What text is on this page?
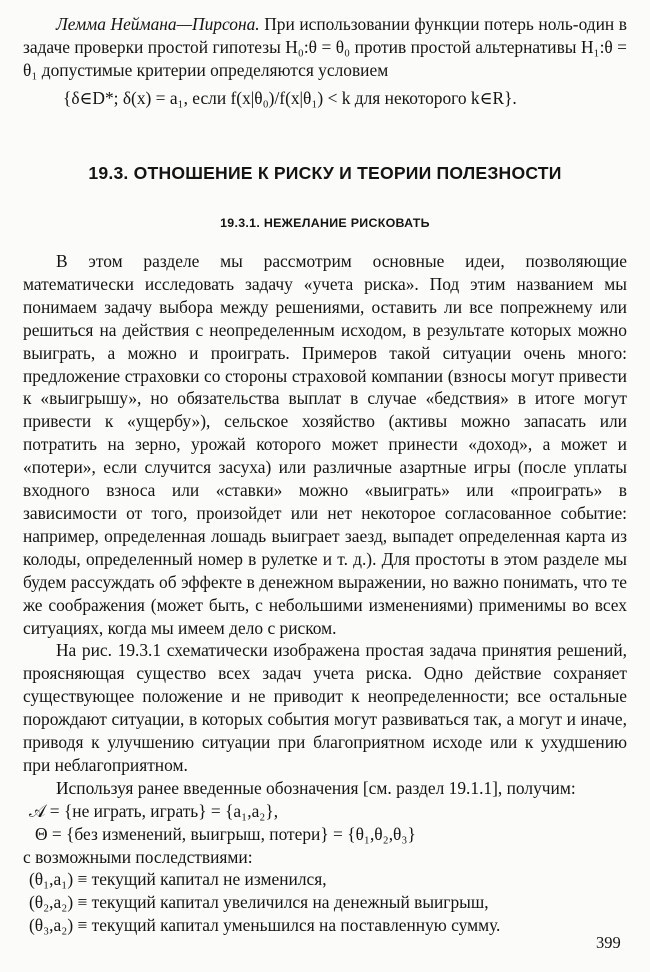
Лемма Неймана—Пирсона. При использовании функции потерь ноль-один в задаче проверки простой гипотезы H₀:θ = θ₀ против простой альтернативы H₁:θ = θ₁ допустимые критерии определяются условием

{δ∈D*; δ(x) = a₁, если f(x|θ₀)/f(x|θ₁) < k для некоторого k∈R}.

19.3. ОТНОШЕНИЕ К РИСКУ И ТЕОРИИ ПОЛЕЗНОСТИ
19.3.1. НЕЖЕЛАНИЕ РИСКОВАТЬ

В этом разделе мы рассмотрим основные идеи, позволяющие математически исследовать задачу «учета риска». Под этим названием мы понимаем задачу выбора между решениями, оставить ли все попрежнему или решиться на действия с неопределенным исходом, в результате которых можно выиграть, а можно и проиграть. Примеров такой ситуации очень много: предложение страховки со стороны страховой компании (взносы могут привести к «выигрышу», но обязательства выплат в случае «бедствия» в итоге могут привести к «ущербу»), сельское хозяйство (активы можно запасать или потратить на зерно, урожай которого может принести «доход», а может и «потери», если случится засуха) или различные азартные игры (после уплаты входного взноса или «ставки» можно «выиграть» или «проиграть» в зависимости от того, произойдет или нет некоторое согласованное событие: например, определенная лошадь выиграет заезд, выпадет определенная карта из колоды, определенный номер в рулетке и т. д.). Для простоты в этом разделе мы будем рассуждать об эффекте в денежном выражении, но важно понимать, что те же соображения (может быть, с небольшими изменениями) применимы во всех ситуациях, когда мы имеем дело с риском.

На рис. 19.3.1 схематически изображена простая задача принятия решений, проясняющая существо всех задач учета риска. Одно действие сохраняет существующее положение и не приводит к неопределенности; все остальные порождают ситуации, в которых события могут развиваться так, а могут и иначе, приводя к улучшению ситуации при благоприятном исходе или к ухудшению при неблагоприятном.

Используя ранее введенные обозначения [см. раздел 19.1.1], получим:

𝒜 = {не играть, играть} = {a₁,a₂},

Θ = {без изменений, выигрыш, потери} = {θ₁,θ₂,θ₃}

с возможными последствиями:

(θ₁,a₁) ≡ текущий капитал не изменился,

(θ₂,a₂) ≡ текущий капитал увеличился на денежный выигрыш,

(θ₃,a₂) ≡ текущий капитал уменьшился на поставленную сумму.

399
